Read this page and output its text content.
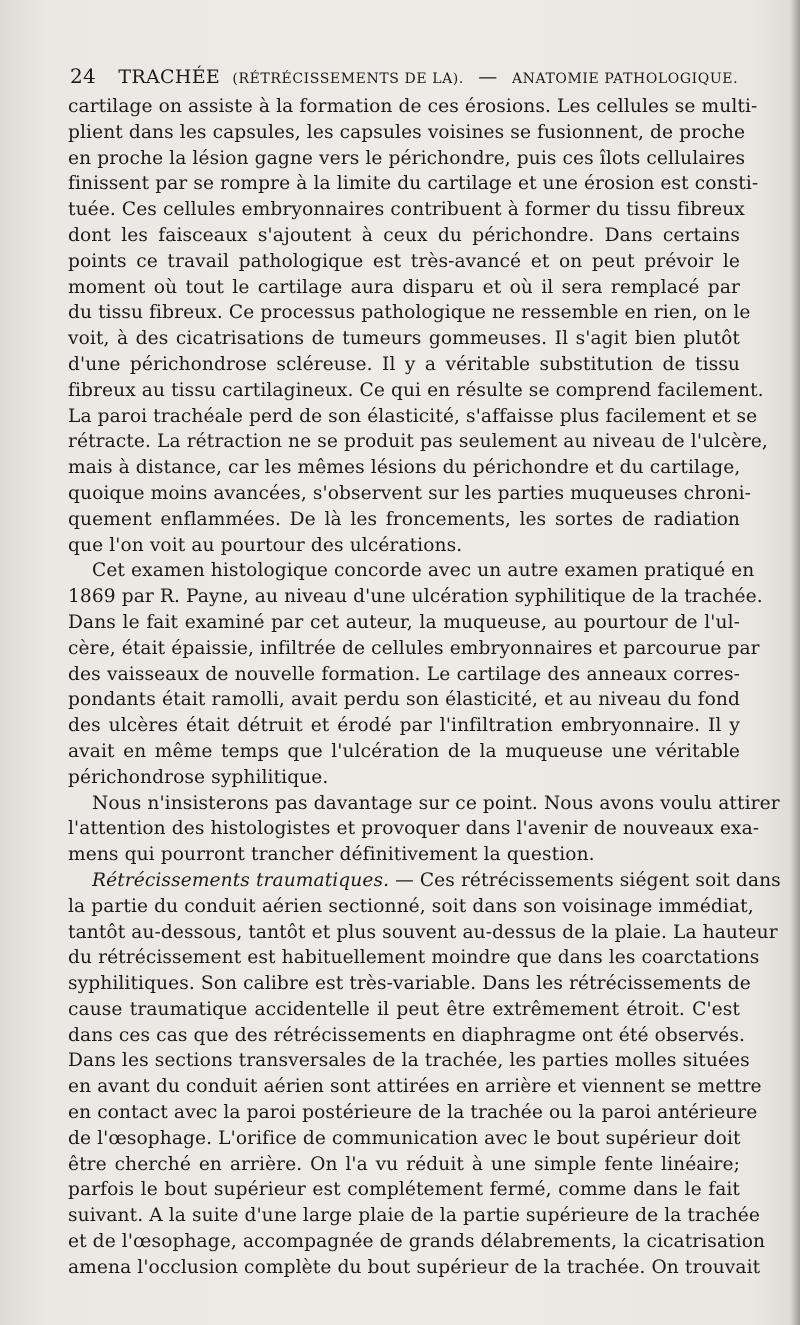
24 TRACHÉE (RÉTRÉCISSEMENTS DE LA). — ANATOMIE PATHOLOGIQUE.
cartilage on assiste à la formation de ces érosions. Les cellules se multi-
plient dans les capsules, les capsules voisines se fusionnent, de proche
en proche la lésion gagne vers le périchondre, puis ces îlots cellulaires
finissent par se rompre à la limite du cartilage et une érosion est consti-
tuée. Ces cellules embryonnaires contribuent à former du tissu fibreux
dont les faisceaux s'ajoutent à ceux du périchondre. Dans certains
points ce travail pathologique est très-avancé et on peut prévoir le
moment où tout le cartilage aura disparu et où il sera remplacé par
du tissu fibreux. Ce processus pathologique ne ressemble en rien, on le
voit, à des cicatrisations de tumeurs gommeuses. Il s'agit bien plutôt
d'une périchondrose scléreuse. Il y a véritable substitution de tissu
fibreux au tissu cartilagineux. Ce qui en résulte se comprend facilement.
La paroi trachéale perd de son élasticité, s'affaisse plus facilement et se
rétracte. La rétraction ne se produit pas seulement au niveau de l'ulcère,
mais à distance, car les mêmes lésions du périchondre et du cartilage,
quoique moins avancées, s'observent sur les parties muqueuses chroni-
quement enflammées. De là les froncements, les sortes de radiation
que l'on voit au pourtour des ulcérations.
Cet examen histologique concorde avec un autre examen pratiqué en
1869 par R. Payne, au niveau d'une ulcération syphilitique de la trachée.
Dans le fait examiné par cet auteur, la muqueuse, au pourtour de l'ul-
cère, était épaissie, infiltrée de cellules embryonnaires et parcourue par
des vaisseaux de nouvelle formation. Le cartilage des anneaux corres-
pondants était ramolli, avait perdu son élasticité, et au niveau du fond
des ulcères était détruit et érodé par l'infiltration embryonnaire. Il y
avait en même temps que l'ulcération de la muqueuse une véritable
périchondrose syphilitique.
Nous n'insisterons pas davantage sur ce point. Nous avons voulu attirer
l'attention des histologistes et provoquer dans l'avenir de nouveaux exa-
mens qui pourront trancher définitivement la question.
Rétrécissements traumatiques. — Ces rétrécissements siégent soit dans
la partie du conduit aérien sectionné, soit dans son voisinage immédiat,
tantôt au-dessous, tantôt et plus souvent au-dessus de la plaie. La hauteur
du rétrécissement est habituellement moindre que dans les coarctations
syphilitiques. Son calibre est très-variable. Dans les rétrécissements de
cause traumatique accidentelle il peut être extrêmement étroit. C'est
dans ces cas que des rétrécissements en diaphragme ont été observés.
Dans les sections transversales de la trachée, les parties molles situées
en avant du conduit aérien sont attirées en arrière et viennent se mettre
en contact avec la paroi postérieure de la trachée ou la paroi antérieure
de l'œsophage. L'orifice de communication avec le bout supérieur doit
être cherché en arrière. On l'a vu réduit à une simple fente linéaire;
parfois le bout supérieur est complétement fermé, comme dans le fait
suivant. A la suite d'une large plaie de la partie supérieure de la trachée
et de l'œsophage, accompagnée de grands délabrements, la cicatrisation
amena l'occlusion complète du bout supérieur de la trachée. On trouvait
